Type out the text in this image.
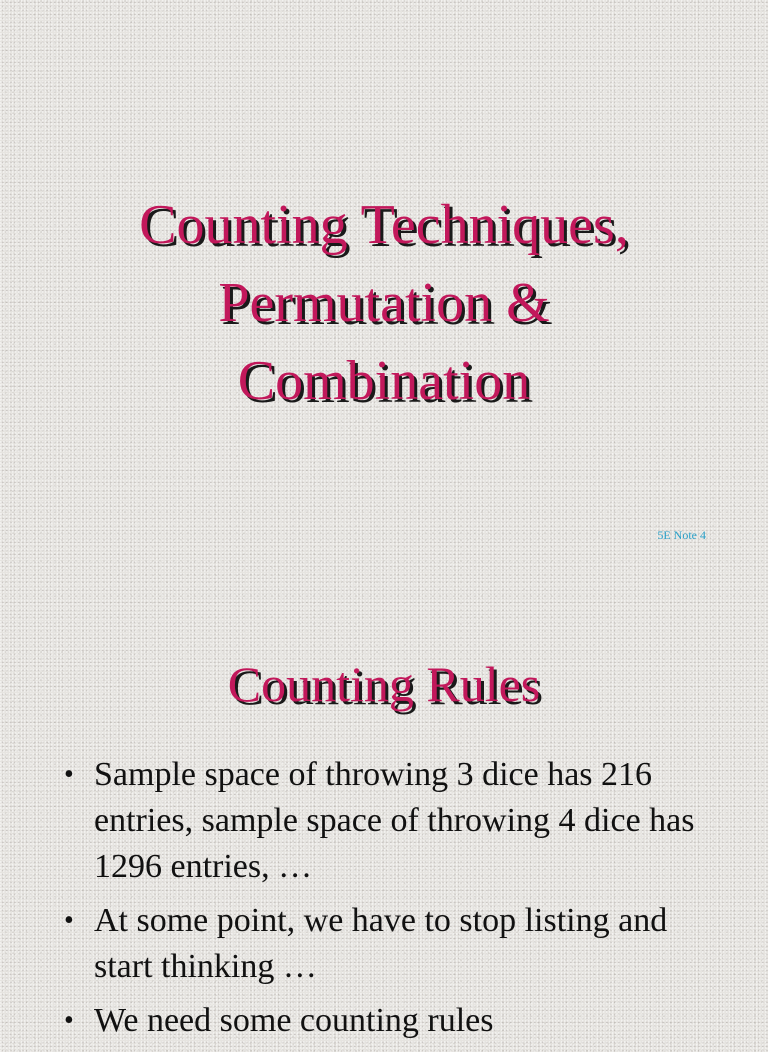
Counting Techniques,
Permutation &
Combination
5E Note 4
Counting Rules
• Sample space of throwing 3 dice has 216 entries, sample space of throwing 4 dice has 1296 entries, …
• At some point, we have to stop listing and start thinking …
• We need some counting rules
